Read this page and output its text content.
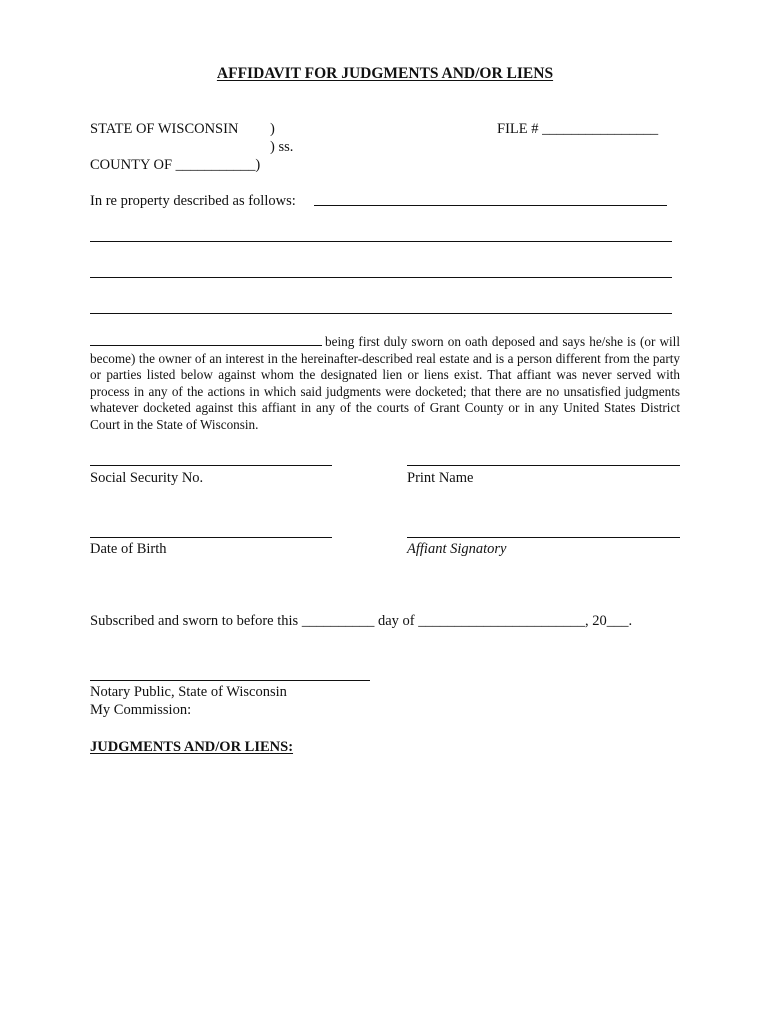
AFFIDAVIT FOR JUDGMENTS AND/OR LIENS
STATE OF WISCONSIN )
) ss.
COUNTY OF ___________)
FILE # ________________
In re property described as follows:
being first duly sworn on oath deposed and says he/she is (or will become) the owner of an interest in the hereinafter-described real estate and is a person different from the party or parties listed below against whom the designated lien or liens exist. That affiant was never served with process in any of the actions in which said judgments were docketed; that there are no unsatisfied judgments whatever docketed against this affiant in any of the courts of Grant County or in any United States District Court in the State of Wisconsin.
Social Security No.	Print Name
Date of Birth	Affiant Signatory
Subscribed and sworn to before this __________ day of _______________________, 20___.
Notary Public, State of Wisconsin
My Commission:
JUDGMENTS AND/OR LIENS:
